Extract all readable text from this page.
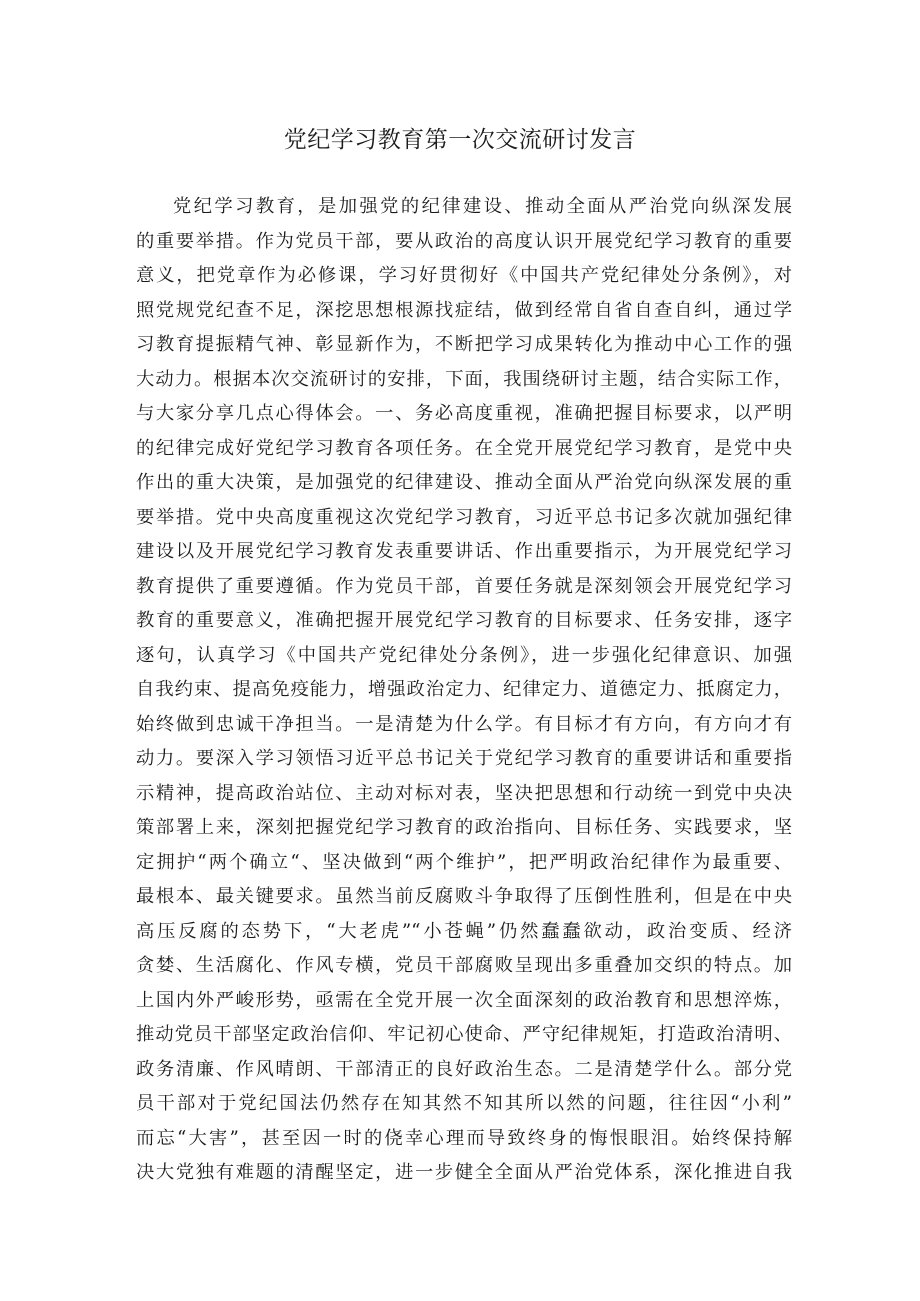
党纪学习教育第一次交流研讨发言
党纪学习教育，是加强党的纪律建设、推动全面从严治党向纵深发展
的重要举措。作为党员干部，要从政治的高度认识开展党纪学习教育的重要
意义，把党章作为必修课，学习好贯彻好《中国共产党纪律处分条例》，对
照党规党纪查不足，深挖思想根源找症结，做到经常自省自查自纠，通过学
习教育提振精气神、彰显新作为，不断把学习成果转化为推动中心工作的强
大动力。根据本次交流研讨的安排，下面，我围绕研讨主题，结合实际工作，
与大家分享几点心得体会。一、务必高度重视，准确把握目标要求，以严明
的纪律完成好党纪学习教育各项任务。在全党开展党纪学习教育，是党中央
作出的重大决策，是加强党的纪律建设、推动全面从严治党向纵深发展的重
要举措。党中央高度重视这次党纪学习教育，习近平总书记多次就加强纪律
建设以及开展党纪学习教育发表重要讲话、作出重要指示，为开展党纪学习
教育提供了重要遵循。作为党员干部，首要任务就是深刻领会开展党纪学习
教育的重要意义，准确把握开展党纪学习教育的目标要求、任务安排，逐字
逐句，认真学习《中国共产党纪律处分条例》，进一步强化纪律意识、加强
自我约束、提高免疫能力，增强政治定力、纪律定力、道德定力、抵腐定力，
始终做到忠诚干净担当。一是清楚为什么学。有目标才有方向，有方向才有
动力。要深入学习领悟习近平总书记关于党纪学习教育的重要讲话和重要指
示精神，提高政治站位、主动对标对表，坚决把思想和行动统一到党中央决
策部署上来，深刻把握党纪学习教育的政治指向、目标任务、实践要求，坚
定拥护“两个确立“、坚决做到“两个维护”，把严明政治纪律作为最重要、
最根本、最关键要求。虽然当前反腐败斗争取得了压倒性胜利，但是在中央
高压反腐的态势下，“大老虎”“小苍蝇”仍然蠢蠢欲动，政治变质、经济
贪婪、生活腐化、作风专横，党员干部腐败呈现出多重叠加交织的特点。加
上国内外严峻形势，亟需在全党开展一次全面深刻的政治教育和思想淬炼，
推动党员干部坚定政治信仰、牢记初心使命、严守纪律规矩，打造政治清明、
政务清廉、作风晴朗、干部清正的良好政治生态。二是清楚学什么。部分党
员干部对于党纪国法仍然存在知其然不知其所以然的问题，往往因“小利”
而忘“大害”，甚至因一时的侥幸心理而导致终身的悔恨眼泪。始终保持解
决大党独有难题的清醒坚定，进一步健全全面从严治党体系，深化推进自我
